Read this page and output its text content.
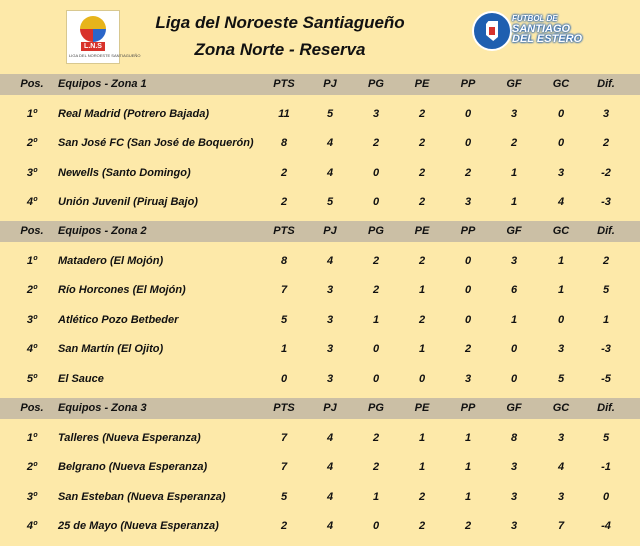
L.N.S
LIGA DEL NOROESTE SANTIAGUEÑO
Liga del Noroeste Santiagueño
Zona Norte - Reserva
FUTBOL DE
SANTIAGO
DEL ESTERO
Pos.	Equipos - Zona 1	PTS	PJ	PG	PE	PP	GF	GC	Dif.
1º	Real Madrid (Potrero Bajada)	11	5	3	2	0	3	0	3
2º	San José FC (San José de Boquerón)	8	4	2	2	0	2	0	2
3º	Newells (Santo Domingo)	2	4	0	2	2	1	3	-2
4º	Unión Juvenil (Piruaj Bajo)	2	5	0	2	3	1	4	-3
Pos.	Equipos - Zona 2	PTS	PJ	PG	PE	PP	GF	GC	Dif.
1º	Matadero (El Mojón)	8	4	2	2	0	3	1	2
2º	Río Horcones (El Mojón)	7	3	2	1	0	6	1	5
3º	Atlético Pozo Betbeder	5	3	1	2	0	1	0	1
4º	San Martín (El Ojito)	1	3	0	1	2	0	3	-3
5º	El Sauce	0	3	0	0	3	0	5	-5
Pos.	Equipos - Zona 3	PTS	PJ	PG	PE	PP	GF	GC	Dif.
1º	Talleres (Nueva Esperanza)	7	4	2	1	1	8	3	5
2º	Belgrano (Nueva Esperanza)	7	4	2	1	1	3	4	-1
3º	San Esteban (Nueva Esperanza)	5	4	1	2	1	3	3	0
4º	25 de Mayo (Nueva Esperanza)	2	4	0	2	2	3	7	-4
